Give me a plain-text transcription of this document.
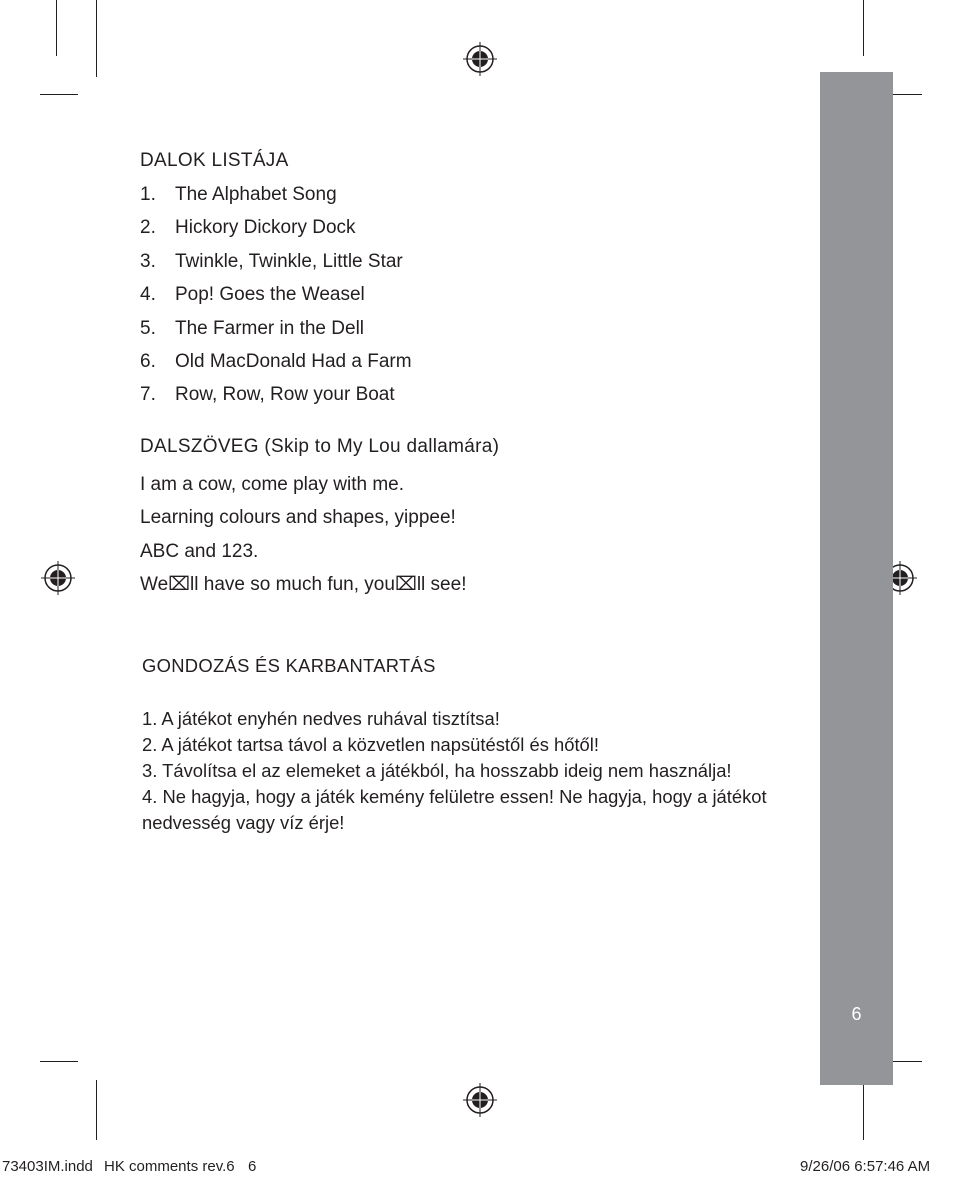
6
DALOK LISTÁJA
1. The Alphabet Song
2. Hickory Dickory Dock
3. Twinkle, Twinkle, Little Star
4. Pop! Goes the Weasel
5. The Farmer in the Dell
6. Old MacDonald Had a Farm
7. Row, Row, Row your Boat
DALSZÖVEG (Skip to My Lou dallamára)
I am a cow, come play with me.
Learning colours and shapes, yippee!
ABC and 123.
We⌧ll have so much fun, you⌧ll see!
GONDOZÁS ÉS KARBANTARTÁS

1. A játékot enyhén nedves ruhával tisztítsa!

2. A játékot tartsa távol a közvetlen napsütéstől és hőtől!

3. Távolítsa el az elemeket a játékból, ha hosszabb ideig nem használja!

4. Ne hagyja, hogy a játék kemény felületre essen! Ne hagyja, hogy a játékot nedvesség vagy víz érje!

73403IM.indd HK comments rev.6 6	9/26/06 6:57:46 AM
